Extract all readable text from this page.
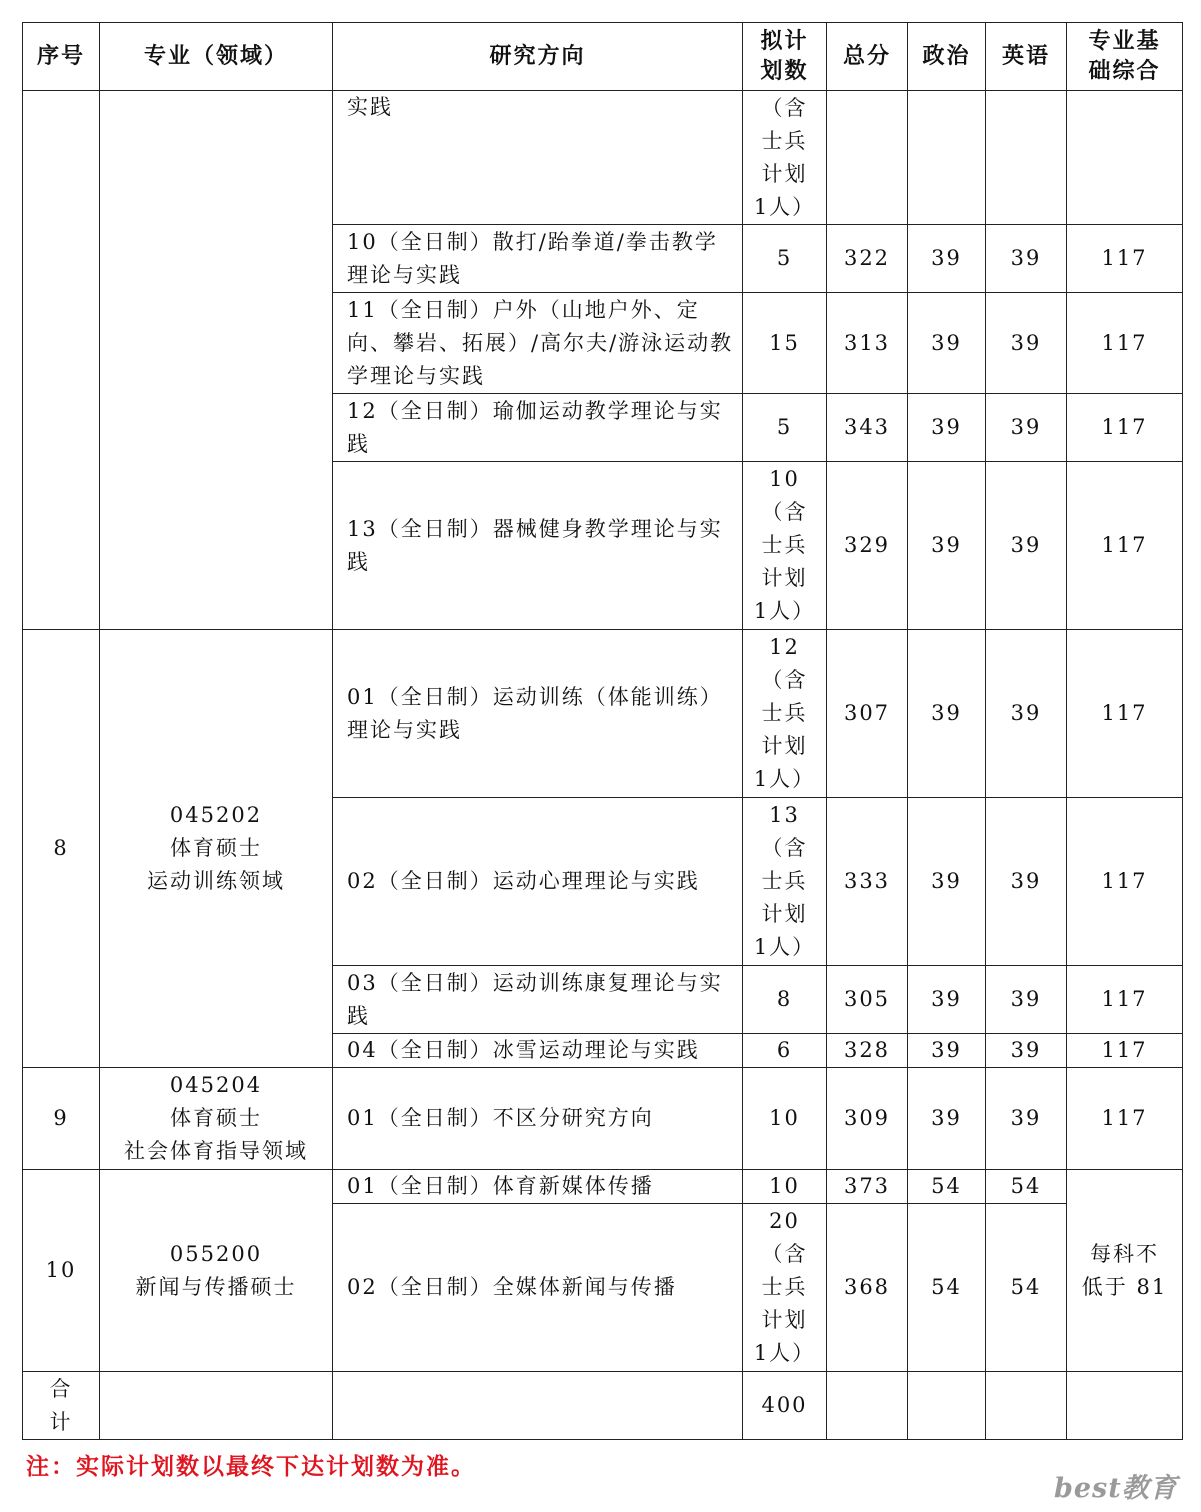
序号	专业（领域）	研究方向	拟计
划数	总分	政治	英语	专业基
础综合

		实践	（含
士兵
计划
1人）				

		10（全日制）散打/跆拳道/拳击教学理论与实践	5	322	39	39	117
		11（全日制）户外（山地户外、定向、攀岩、拓展）/高尔夫/游泳运动教学理论与实践	15	313	39	39	117
		12（全日制）瑜伽运动教学理论与实践	5	343	39	39	117
		13（全日制）器械健身教学理论与实践	10
（含
士兵
计划
1人）	329	39	39	117
8	045202
体育硕士
运动训练领域	01（全日制）运动训练（体能训练）理论与实践	12
（含
士兵
计划
1人）	307	39	39	117
		02（全日制）运动心理理论与实践	13
（含
士兵
计划
1人）	333	39	39	117
		03（全日制）运动训练康复理论与实践	8	305	39	39	117
		04（全日制）冰雪运动理论与实践	6	328	39	39	117
9	045204
体育硕士
社会体育指导领域	01（全日制）不区分研究方向	10	309	39	39	117
10	055200
新闻与传播硕士	01（全日制）体育新媒体传播	10	373	54	54	每科不
低于 81

		02（全日制）全媒体新闻与传播	20
（含
士兵
计划
1人）	368	54	54	

合
计			400				
注：实际计划数以最终下达计划数为准。
best教育
